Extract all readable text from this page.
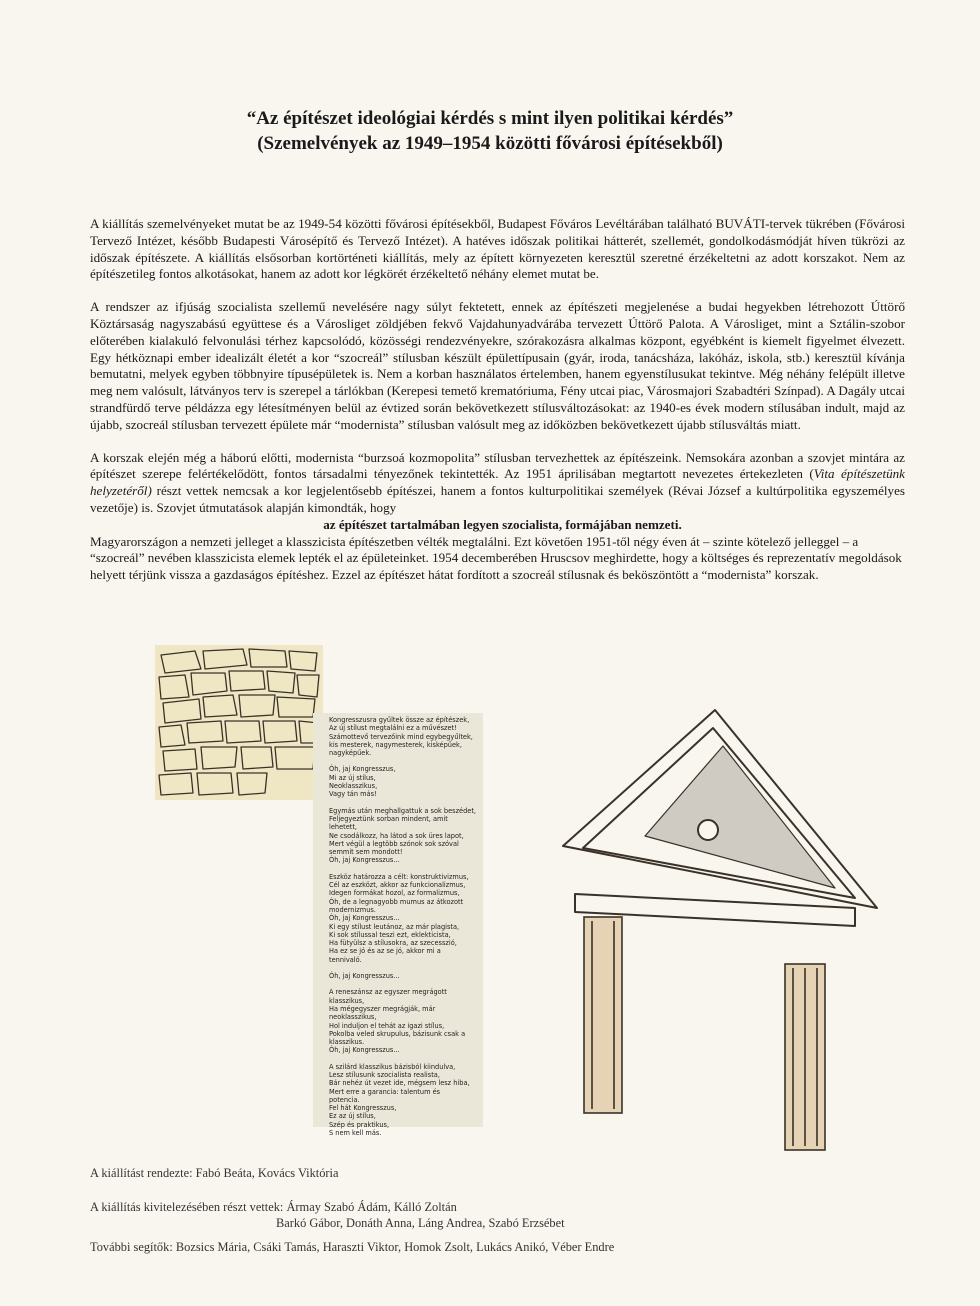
“Az építészet ideológiai kérdés s mint ilyen politikai kérdés”
(Szemelvények az 1949–1954 közötti fővárosi építésekből)

A kiállítás szemelvényeket mutat be az 1949-54 közötti fővárosi építésekből, Budapest Főváros Levéltárában található BUVÁTI-tervek tükrében (Fővárosi Tervező Intézet, később Budapesti Városépítő és Tervező Intézet). A hatéves időszak politikai hátterét, szellemét, gondolkodásmódját híven tükrözi az időszak építészete. A kiállítás elsősorban kortörténeti kiállítás, mely az épített környezeten keresztül szeretné érzékeltetni az adott korszakot. Nem az építészetileg fontos alkotásokat, hanem az adott kor légkörét érzékeltető néhány elemet mutat be.

A rendszer az ifjúság szocialista szellemű nevelésére nagy súlyt fektetett, ennek az építészeti megjelenése a budai hegyekben létrehozott Úttörő Köztársaság nagyszabású együttese és a Városliget zöldjében fekvő Vajdahunyadvárába tervezett Úttörő Palota. A Városliget, mint a Sztálin-szobor előterében kialakuló felvonulási térhez kapcsolódó, közösségi rendezvényekre, szórakozásra alkalmas központ, egyébként is kiemelt figyelmet élvezett. Egy hétköznapi ember idealizált életét a kor “szocreál” stílusban készült épülettípusain (gyár, iroda, tanácsháza, lakóház, iskola, stb.) keresztül kívánja bemutatni, melyek egyben többnyire típusépületek is. Nem a korban használatos értelemben, hanem egyenstílusukat tekintve. Még néhány felépült illetve meg nem valósult, látványos terv is szerepel a tárlókban (Kerepesi temető krematóriuma, Fény utcai piac, Városmajori Szabadtéri Színpad). A Dagály utcai strandfürdő terve példázza egy létesítményen belül az évtized során bekövetkezett stílusváltozásokat: az 1940-es évek modern stílusában indult, majd az újabb, szocreál stílusban tervezett épülete már “modernista” stílusban valósult meg az időközben bekövetkezett újabb stílusváltás miatt.

A korszak elején még a háború előtti, modernista “burzsoá kozmopolita” stílusban tervezhettek az építészeink. Nemsokára azonban a szovjet mintára az építészet szerepe felértékelődött, fontos társadalmi tényezőnek tekintették. Az 1951 áprilisában megtartott nevezetes értekezleten (Vita építészetünk helyzetéről) részt vettek nemcsak a kor legjelentősebb építészei, hanem a fontos kulturpolitikai személyek (Révai József a kultúrpolitika egyszemélyes vezetője) is. Szovjet útmutatások alapján kimondták, hogy

az építészet tartalmában legyen szocialista, formájában nemzeti.

Magyarországon a nemzeti jelleget a klasszicista építészetben vélték megtalálni. Ezt követően 1951-től négy éven át – szinte kötelező jelleggel – a “szocreál” nevében klasszicista elemek lepték el az épületeinket. 1954 decemberében Hruscsov meghirdette, hogy a költséges és reprezentatív megoldások helyett térjünk vissza a gazdaságos építéshez. Ezzel az építészet hátat fordított a szocreál stílusnak és beköszöntött a “modernista” korszak.

Kongresszusra gyűltek össze az építészek,
Az új stílust megtalálni ez a művészet!
Számottevő tervezőink mind egybegyűltek,
kis mesterek, nagymesterek, kisképűek,
nagyképűek.
Óh, jaj Kongresszus,
Mi az új stílus,
Neoklasszikus,
Vagy tán más!
Egymás után meghallgattuk a sok beszédet,
Feljegyeztünk sorban mindent, amit
lehetett,
Ne csodálkozz, ha látod a sok üres lapot,
Mert végül a legtöbb szónok sok szóval
semmit sem mondott!
Óh, jaj Kongresszus...
Eszköz határozza a célt: konstruktivizmus,
Cél az eszközt, akkor az funkcionalizmus,
Idegen formákat hozol, az formalizmus,
Óh, de a legnagyobb mumus az átkozott
modernizmus.
Óh, jaj Kongresszus...
Ki egy stílust leutánoz, az már plagista,
Ki sok stílussal teszi ezt, eklekticista,
Ha fütyülsz a stílusokra, az szecesszió,
Ha ez se jó és az se jó, akkor mi a
tennivaló.
Óh, jaj Kongresszus...
A reneszánsz az egyszer megrágott
klasszikus,
Ha mégegyszer megrágják, már
neoklasszikus,
Hol induljon el tehát az igazi stílus,
Pokolba veled skrupulus, bázisunk csak a
klasszikus.
Óh, jaj Kongresszus...
A szilárd klasszikus bázisból kiindulva,
Lesz stílusunk szocialista realista,
Bár nehéz út vezet ide, mégsem lesz hiba,
Mert erre a garancia: talentum és
potencia.
Fel hát Kongresszus,
Ez az új stílus,
Szép és praktikus,
S nem kell más.
A kiállítást rendezte: Fabó Beáta, Kovács Viktória
A kiállítás kivitelezésében részt vettek: Ármay Szabó Ádám, Kálló Zoltán
Barkó Gábor, Donáth Anna, Láng Andrea, Szabó Erzsébet
További segítők: Bozsics Mária, Csáki Tamás, Haraszti Viktor, Homok Zsolt, Lukács Anikó, Véber Endre
